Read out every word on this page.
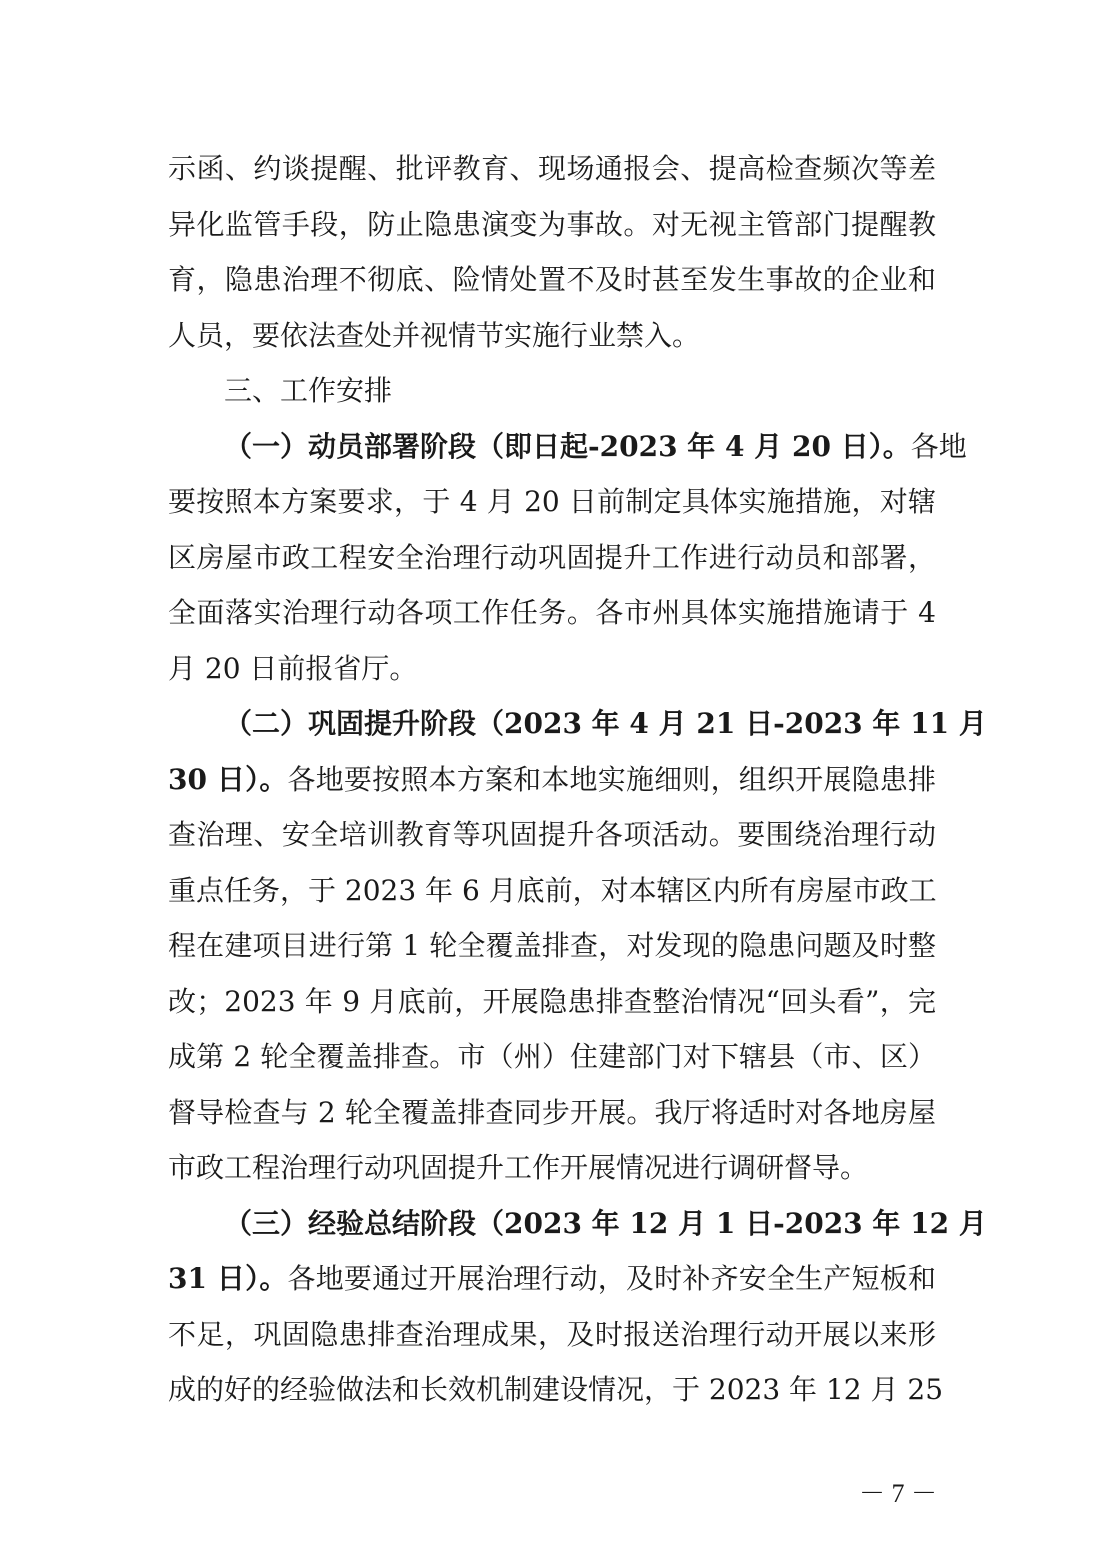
示函、约谈提醒、批评教育、现场通报会、提高检查频次等差
异化监管手段，防止隐患演变为事故。对无视主管部门提醒教
育，隐患治理不彻底、险情处置不及时甚至发生事故的企业和
人员，要依法查处并视情节实施行业禁入。
三、工作安排
（一）动员部署阶段（即日起-2023 年 4 月 20 日）。各地
要按照本方案要求，于 4 月 20 日前制定具体实施措施，对辖
区房屋市政工程安全治理行动巩固提升工作进行动员和部署，
全面落实治理行动各项工作任务。各市州具体实施措施请于 4
月 20 日前报省厅。
（二）巩固提升阶段（2023 年 4 月 21 日-2023 年 11 月
30 日）。各地要按照本方案和本地实施细则，组织开展隐患排
查治理、安全培训教育等巩固提升各项活动。要围绕治理行动
重点任务，于 2023 年 6 月底前，对本辖区内所有房屋市政工
程在建项目进行第 1 轮全覆盖排查，对发现的隐患问题及时整
改；2023 年 9 月底前，开展隐患排查整治情况“回头看”，完
成第 2 轮全覆盖排查。市（州）住建部门对下辖县（市、区）
督导检查与 2 轮全覆盖排查同步开展。我厅将适时对各地房屋
市政工程治理行动巩固提升工作开展情况进行调研督导。
（三）经验总结阶段（2023 年 12 月 1 日-2023 年 12 月
31 日）。各地要通过开展治理行动，及时补齐安全生产短板和
不足，巩固隐患排查治理成果，及时报送治理行动开展以来形
成的好的经验做法和长效机制建设情况，于 2023 年 12 月 25
－ 7 －
